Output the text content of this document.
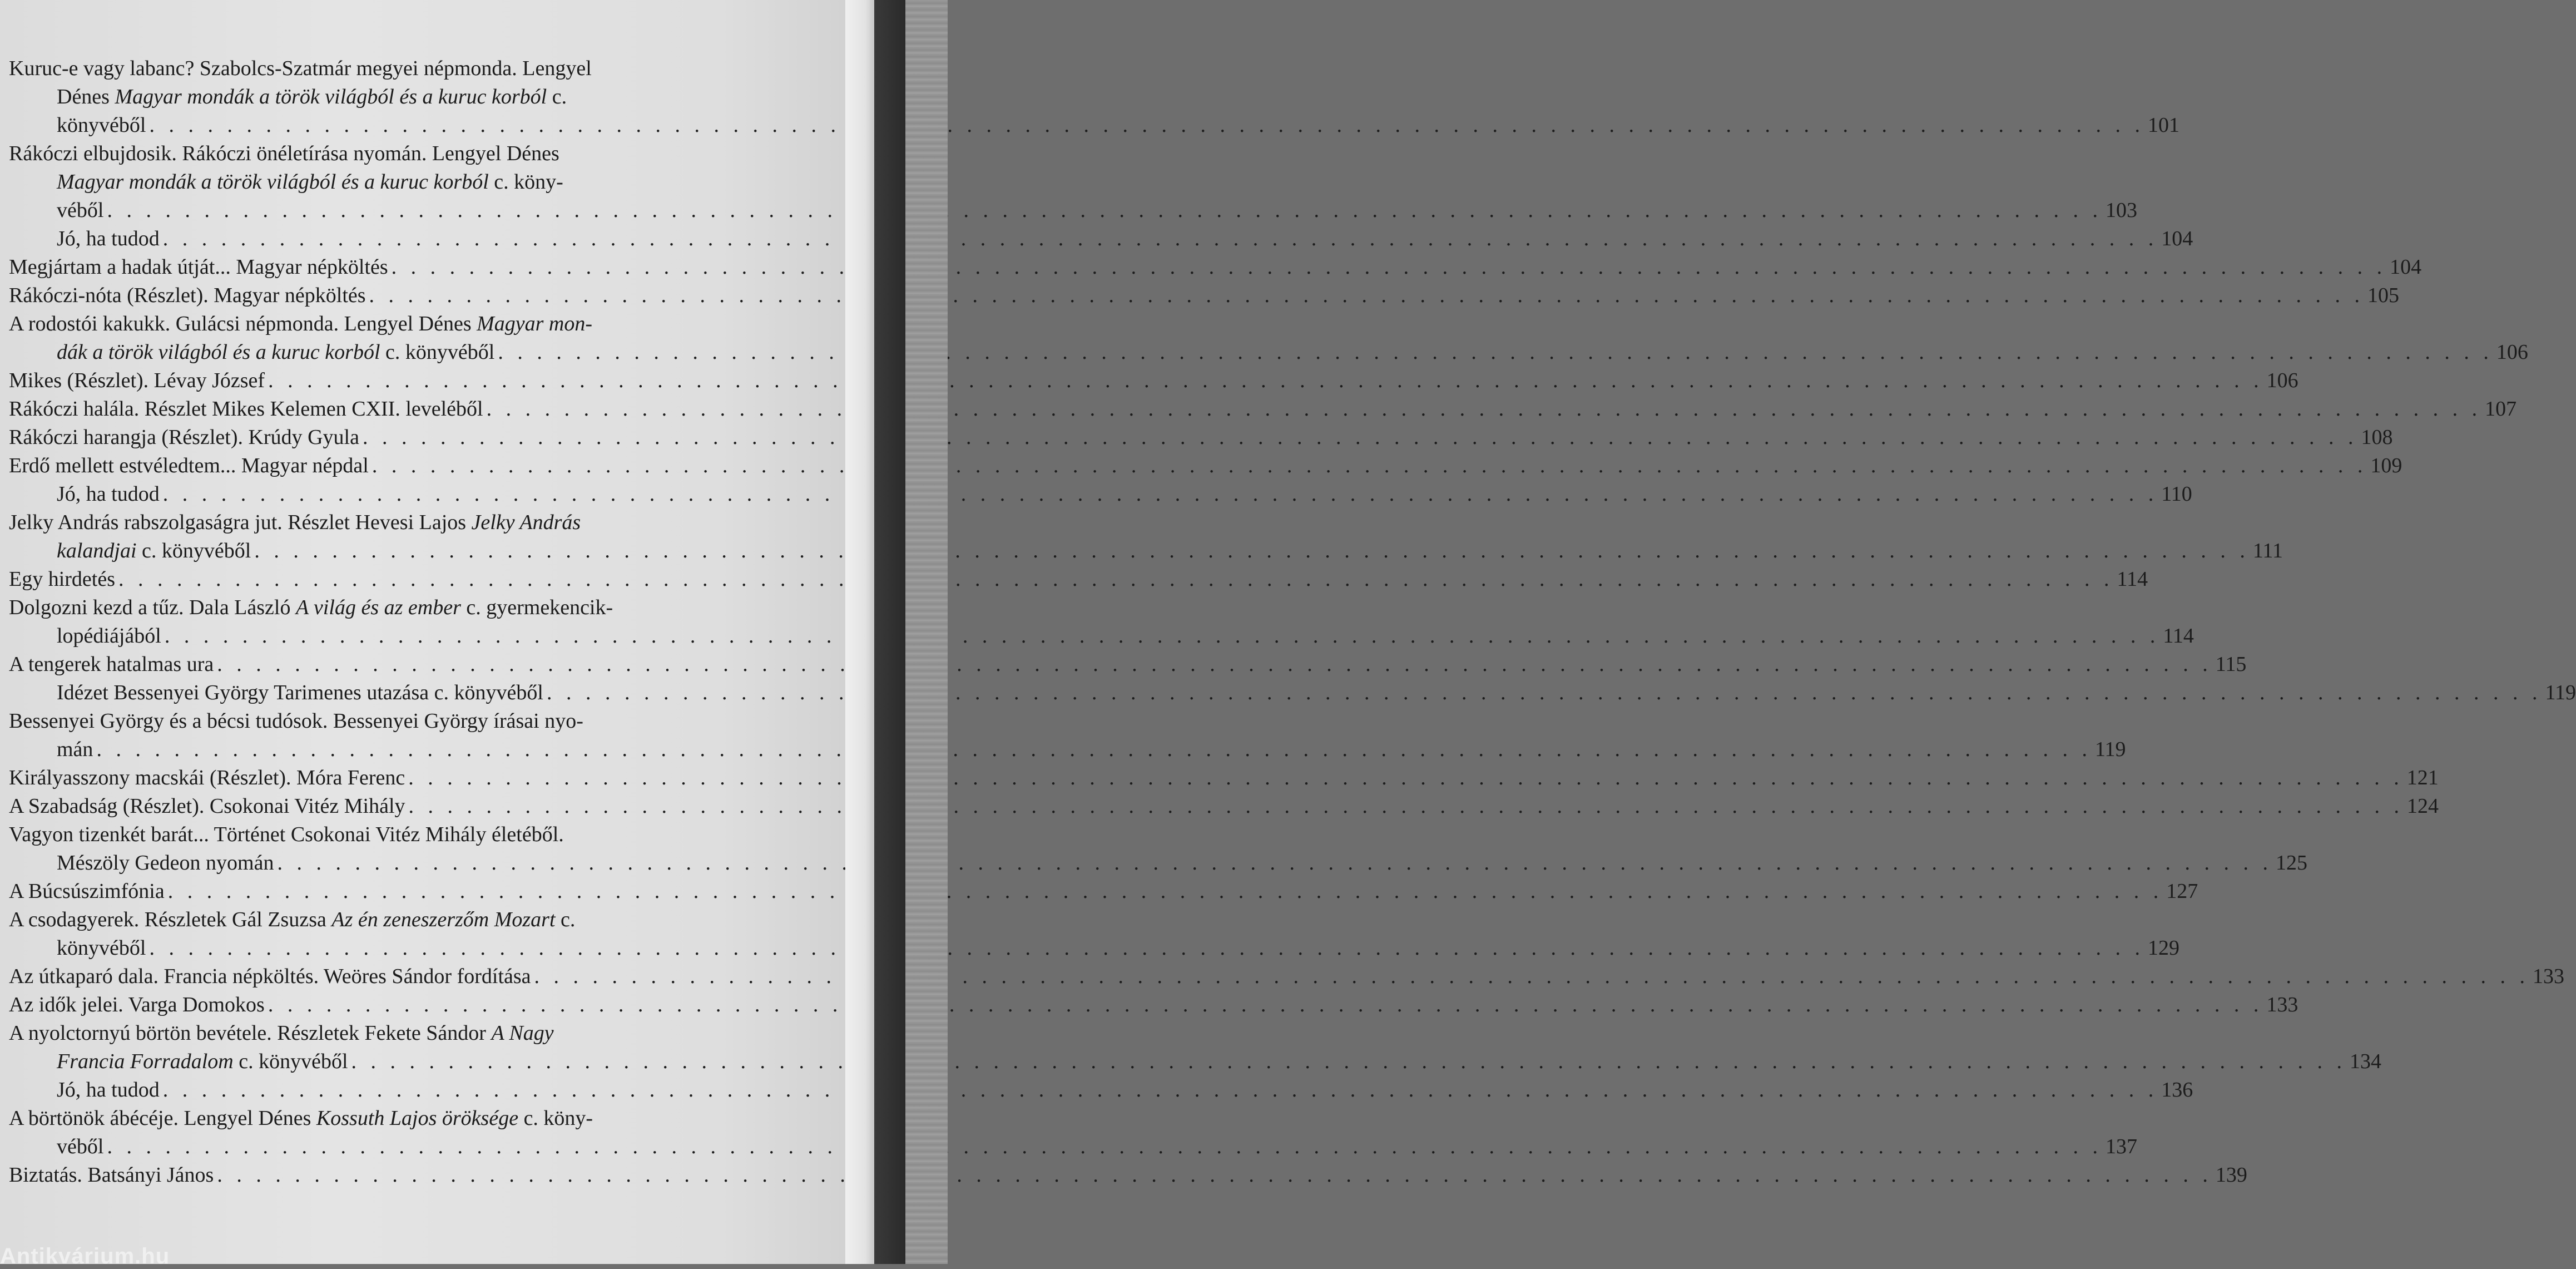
Kuruc-e vagy labanc? Szabolcs-Szatmár megyei népmonda. Lengyel
Dénes Magyar mondák a török világból és a kuruc korból c.
könyvéből . . .	101
Rákóczi elbujdosik. Rákóczi önéletírása nyomán. Lengyel Dénes
Magyar mondák a török világból és a kuruc korból c. köny-
véből . . .	103
Jó, ha tudod . . .	104
Megjártam a hadak útját... Magyar népköltés . . .	104
Rákóczi-nóta (Részlet). Magyar népköltés . . .	105
A rodostói kakukk. Gulácsi népmonda. Lengyel Dénes Magyar mon-
dák a török világból és a kuruc korból c. könyvéből . . .	106
Mikes (Részlet). Lévay József . . .	106
Rákóczi halála. Részlet Mikes Kelemen CXII. leveléből . . .	107
Rákóczi harangja (Részlet). Krúdy Gyula . . .	108
Erdő mellett estvéledtem... Magyar népdal . . .	109
Jó, ha tudod . . .	110
Jelky András rabszolgaságra jut. Részlet Hevesi Lajos Jelky András
kalandjai c. könyvéből . . .	111
Egy hirdetés . . .	114
Dolgozni kezd a tűz. Dala László A világ és az ember c. gyermekencik-
lopédiájából . . .	114
A tengerek hatalmas ura . . .	115
Idézet Bessenyei György Tarimenes utazása c. könyvéből . . .	119
Bessenyei György és a bécsi tudósok. Bessenyei György írásai nyo-
mán . . .	119
Királyasszony macskái (Részlet). Móra Ferenc . . .	121
A Szabadság (Részlet). Csokonai Vitéz Mihály . . .	124
Vagyon tizenkét barát... Történet Csokonai Vitéz Mihály életéből.
Mészöly Gedeon nyomán . . .	125
A Búcsúszimfónia . . .	127
A csodagyerek. Részletek Gál Zsuzsa Az én zeneszerzőm Mozart c.
könyvéből . . .	129
Az útkaparó dala. Francia népköltés. Weöres Sándor fordítása . . .	133
Az idők jelei. Varga Domokos . . .	133
A nyolctornyú börtön bevétele. Részletek Fekete Sándor A Nagy
Francia Forradalom c. könyvéből . . .	134
Jó, ha tudod . . .	136
A börtönök ábécéje. Lengyel Dénes Kossuth Lajos öröksége c. köny-
véből . . .	137
Biztatás. Batsányi János . . .	139
Antikvárium.hu
